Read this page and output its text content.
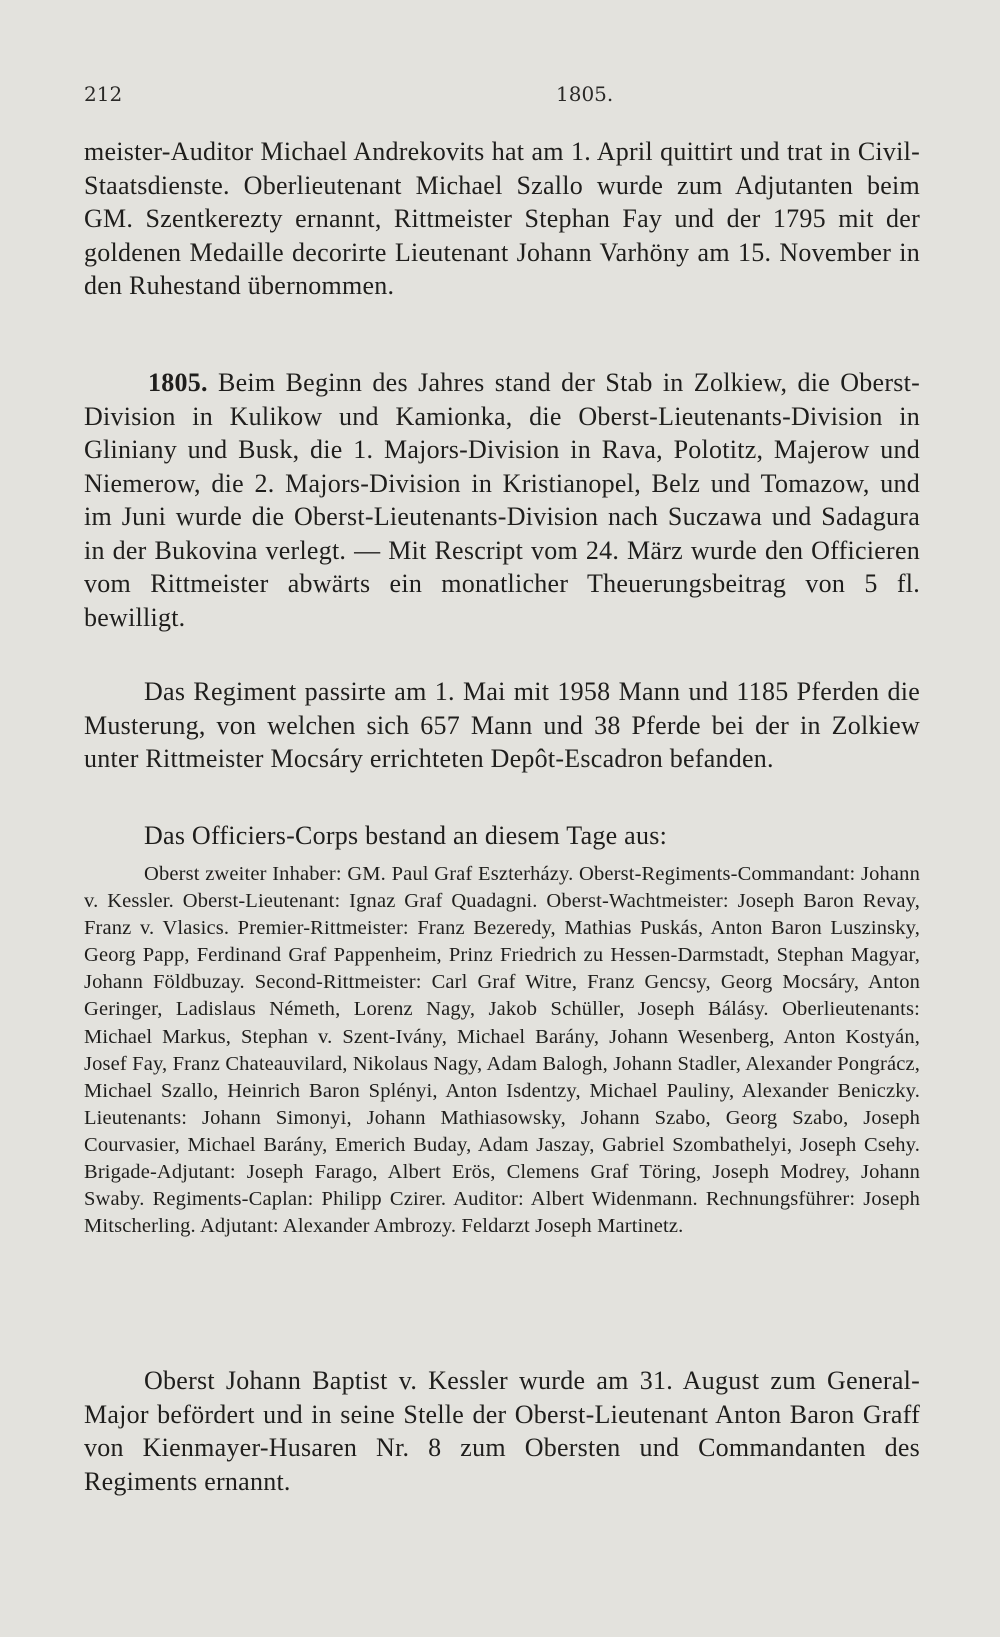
212	1805.

meister-Auditor Michael Andrekovits hat am 1. April quittirt und trat in Civil-Staatsdienste. Oberlieutenant Michael Szallo wurde zum Adjutanten beim GM. Szentkerezty ernannt, Rittmeister Stephan Fay und der 1795 mit der goldenen Medaille decorirte Lieutenant Johann Varhöny am 15. November in den Ruhestand übernommen.

1805. Beim Beginn des Jahres stand der Stab in Zolkiew, die Oberst-Division in Kulikow und Kamionka, die Oberst-Lieutenants-Division in Gliniany und Busk, die 1. Majors-Division in Rava, Polotitz, Majerow und Niemerow, die 2. Majors-Division in Kristianopel, Belz und Tomazow, und im Juni wurde die Oberst-Lieutenants-Division nach Suczawa und Sadagura in der Bukovina verlegt. — Mit Rescript vom 24. März wurde den Officieren vom Rittmeister abwärts ein monatlicher Theuerungsbeitrag von 5 fl. bewilligt.

Das Regiment passirte am 1. Mai mit 1958 Mann und 1185 Pferden die Musterung, von welchen sich 657 Mann und 38 Pferde bei der in Zolkiew unter Rittmeister Mocsáry errichteten Depôt-Escadron befanden.

Das Officiers-Corps bestand an diesem Tage aus:

Oberst zweiter Inhaber: GM. Paul Graf Eszterházy. Oberst-Regiments-Commandant: Johann v. Kessler. Oberst-Lieutenant: Ignaz Graf Quadagni. Oberst-Wachtmeister: Joseph Baron Revay, Franz v. Vlasics. Premier-Rittmeister: Franz Bezeredy, Mathias Puskás, Anton Baron Luszinsky, Georg Papp, Ferdinand Graf Pappenheim, Prinz Friedrich zu Hessen-Darmstadt, Stephan Magyar, Johann Földbuzay. Second-Rittmeister: Carl Graf Witre, Franz Gencsy, Georg Mocsáry, Anton Geringer, Ladislaus Németh, Lorenz Nagy, Jakob Schüller, Joseph Bálásy. Oberlieutenants: Michael Markus, Stephan v. Szent-Ivány, Michael Barány, Johann Wesenberg, Anton Kostyán, Josef Fay, Franz Chateauvilard, Nikolaus Nagy, Adam Balogh, Johann Stadler, Alexander Pongrácz, Michael Szallo, Heinrich Baron Splényi, Anton Isdentzy, Michael Pauliny, Alexander Beniczky. Lieutenants: Johann Simonyi, Johann Mathiasowsky, Johann Szabo, Georg Szabo, Joseph Courvasier, Michael Barány, Emerich Buday, Adam Jaszay, Gabriel Szombathelyi, Joseph Csehy. Brigade-Adjutant: Joseph Farago, Albert Erös, Clemens Graf Töring, Joseph Modrey, Johann Swaby. Regiments-Caplan: Philipp Czirer. Auditor: Albert Widenmann. Rechnungsführer: Joseph Mitscherling. Adjutant: Alexander Ambrozy. Feldarzt Joseph Martinetz.

Oberst Johann Baptist v. Kessler wurde am 31. August zum General-Major befördert und in seine Stelle der Oberst-Lieutenant Anton Baron Graff von Kienmayer-Husaren Nr. 8 zum Obersten und Commandanten des Regiments ernannt.
